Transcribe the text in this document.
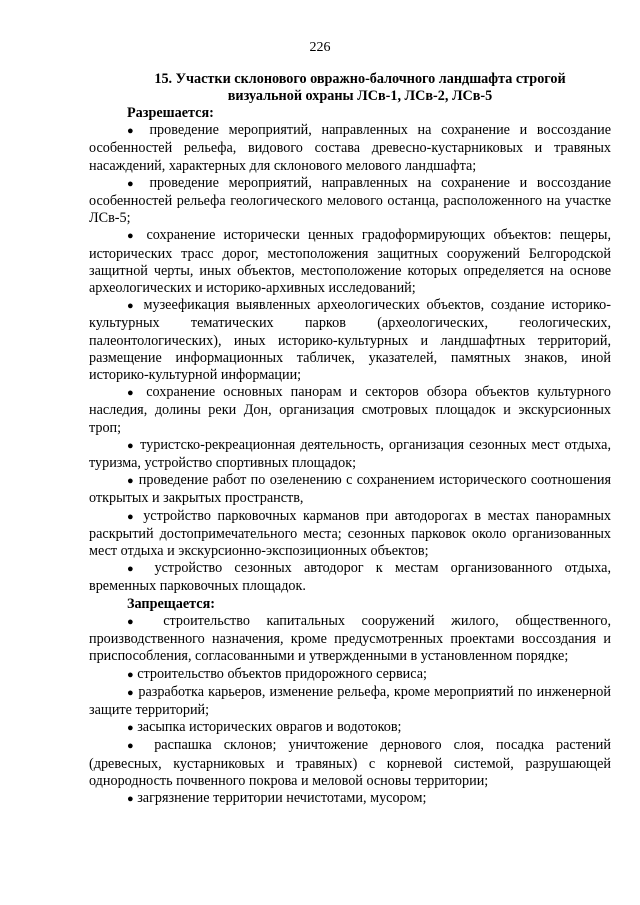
226

15. Участки склонового овражно-балочного ландшафта строгой
визуальной охраны ЛСв-1, ЛСв-2, ЛСв-5

Разрешается:

● проведение мероприятий, направленных на сохранение и воссоздание особенностей рельефа, видового состава древесно-кустарниковых и травяных насаждений, характерных для склонового мелового ландшафта;

● проведение мероприятий, направленных на сохранение и воссоздание особенностей рельефа геологического мелового останца, расположенного на участке ЛСв-5;

● сохранение исторически ценных градоформирующих объектов: пещеры, исторических трасс дорог, местоположения защитных сооружений Белгородской защитной черты, иных объектов, местоположение которых определяется на основе археологических и историко-архивных исследований;

● музеефикация выявленных археологических объектов, создание историко-культурных тематических парков (археологических, геологических, палеонтологических), иных историко-культурных и ландшафтных территорий, размещение информационных табличек, указателей, памятных знаков, иной историко-культурной информации;

● сохранение основных панорам и секторов обзора объектов культурного наследия, долины реки Дон, организация смотровых площадок и экскурсионных троп;

● туристско-рекреационная деятельность, организация сезонных мест отдыха, туризма, устройство спортивных площадок;

● проведение работ по озеленению с сохранением исторического соотношения открытых и закрытых пространств,

● устройство парковочных карманов при автодорогах в местах панорамных раскрытий достопримечательного места; сезонных парковок около организованных мест отдыха и экскурсионно-экспозиционных объектов;

● устройство сезонных автодорог к местам организованного отдыха, временных парковочных площадок.

Запрещается:

● строительство капитальных сооружений жилого, общественного, производственного назначения, кроме предусмотренных проектами воссоздания и приспособления, согласованными и утвержденными в установленном порядке;

● строительство объектов придорожного сервиса;

● разработка карьеров, изменение рельефа, кроме мероприятий по инженерной защите территорий;

● засыпка исторических оврагов и водотоков;

● распашка склонов; уничтожение дернового слоя, посадка растений (древесных, кустарниковых и травяных) с корневой системой, разрушающей однородность почвенного покрова и меловой основы территории;

● загрязнение территории нечистотами, мусором;
